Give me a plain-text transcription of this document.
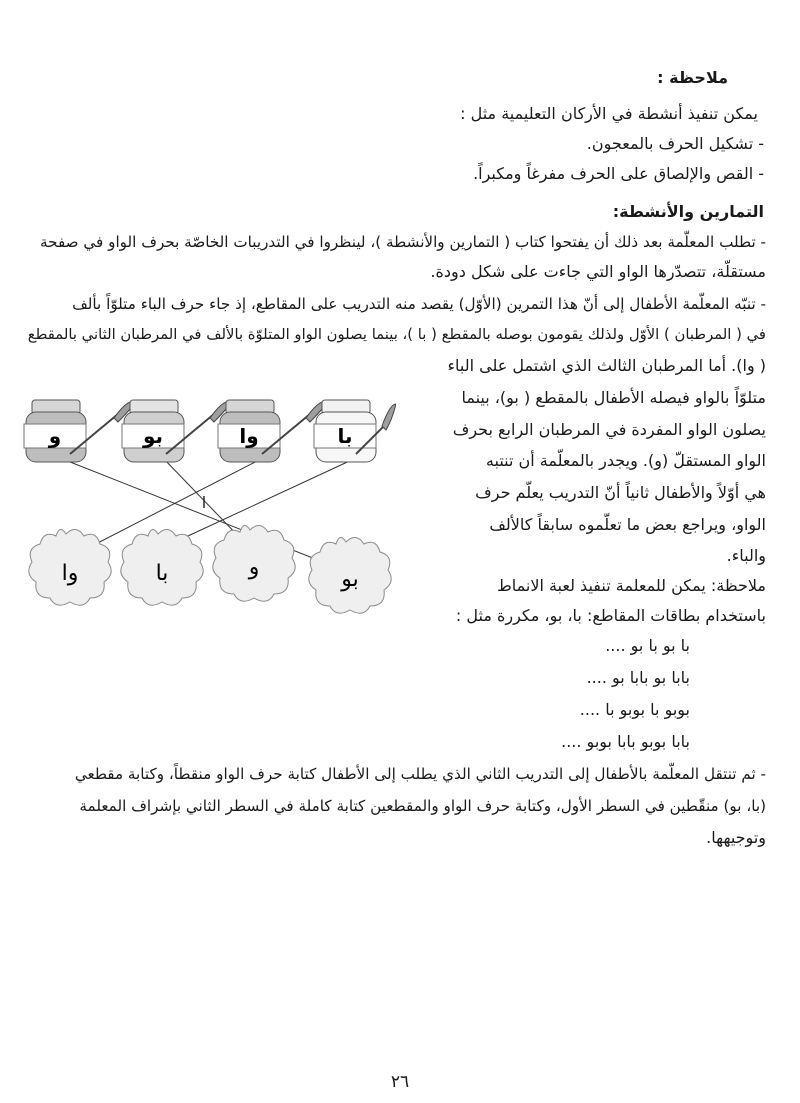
ملاحظة :
يمكن تنفيذ أنشطة في الأركان التعليمية مثل :
- تشكيل الحرف بالمعجون.
- القص والإلصاق على الحرف مفرغاً ومكبراً.
التمارين والأنشطة:
- تطلب المعلّمة بعد ذلك أن يفتحوا كتاب ( التمارين والأنشطة )، لينظروا في التدريبات الخاصّة بحرف الواو في صفحة
مستقلّة، تتصدّرها الواو التي جاءت على شكل دودة.
- تنبّه المعلّمة الأطفال إلى أنّ هذا التمرين (الأوّل) يقصد منه التدريب على المقاطع، إذ جاء حرف الباء متلوّاً بألف
في ( المرطبان ) الأوّل ولذلك يقومون بوصله بالمقطع ( با )، بينما يصلون الواو المتلوّة بالألف في المرطبان الثاني بالمقطع
( وا). أما المرطبان الثالث الذي اشتمل على الباء
متلوّاً بالواو فيصله الأطفال بالمقطع ( بو)، بينما
يصلون الواو المفردة في المرطبان الرابع بحرف
الواو المستقلّ (و). ويجدر بالمعلّمة أن تنتبه
هي أوّلاً والأطفال ثانياً أنّ التدريب يعلّم حرف
الواو، ويراجع بعض ما تعلّموه سابقاً كالألف
والباء.
ملاحظة: يمكن للمعلمة تنفيذ لعبة الانماط
باستخدام بطاقات المقاطع: با، بو، مكررة مثل :
با بو با بو ....
بابا بو بابا بو ....
بوبو با بوبو با ....
بابا بوبو بابا بوبو ....
- ثم تنتقل المعلّمة بالأطفال إلى التدريب الثاني الذي يطلب إلى الأطفال كتابة حرف الواو منقطاً، وكتابة مقطعي
(با، بو) منقّطين في السطر الأول، وكتابة حرف الواو والمقطعين كتابة كاملة في السطر الثاني بإشراف المعلمة
وتوجيهها.
٢٦
ا
و	بو	وا	با
وا	با	و	بو
